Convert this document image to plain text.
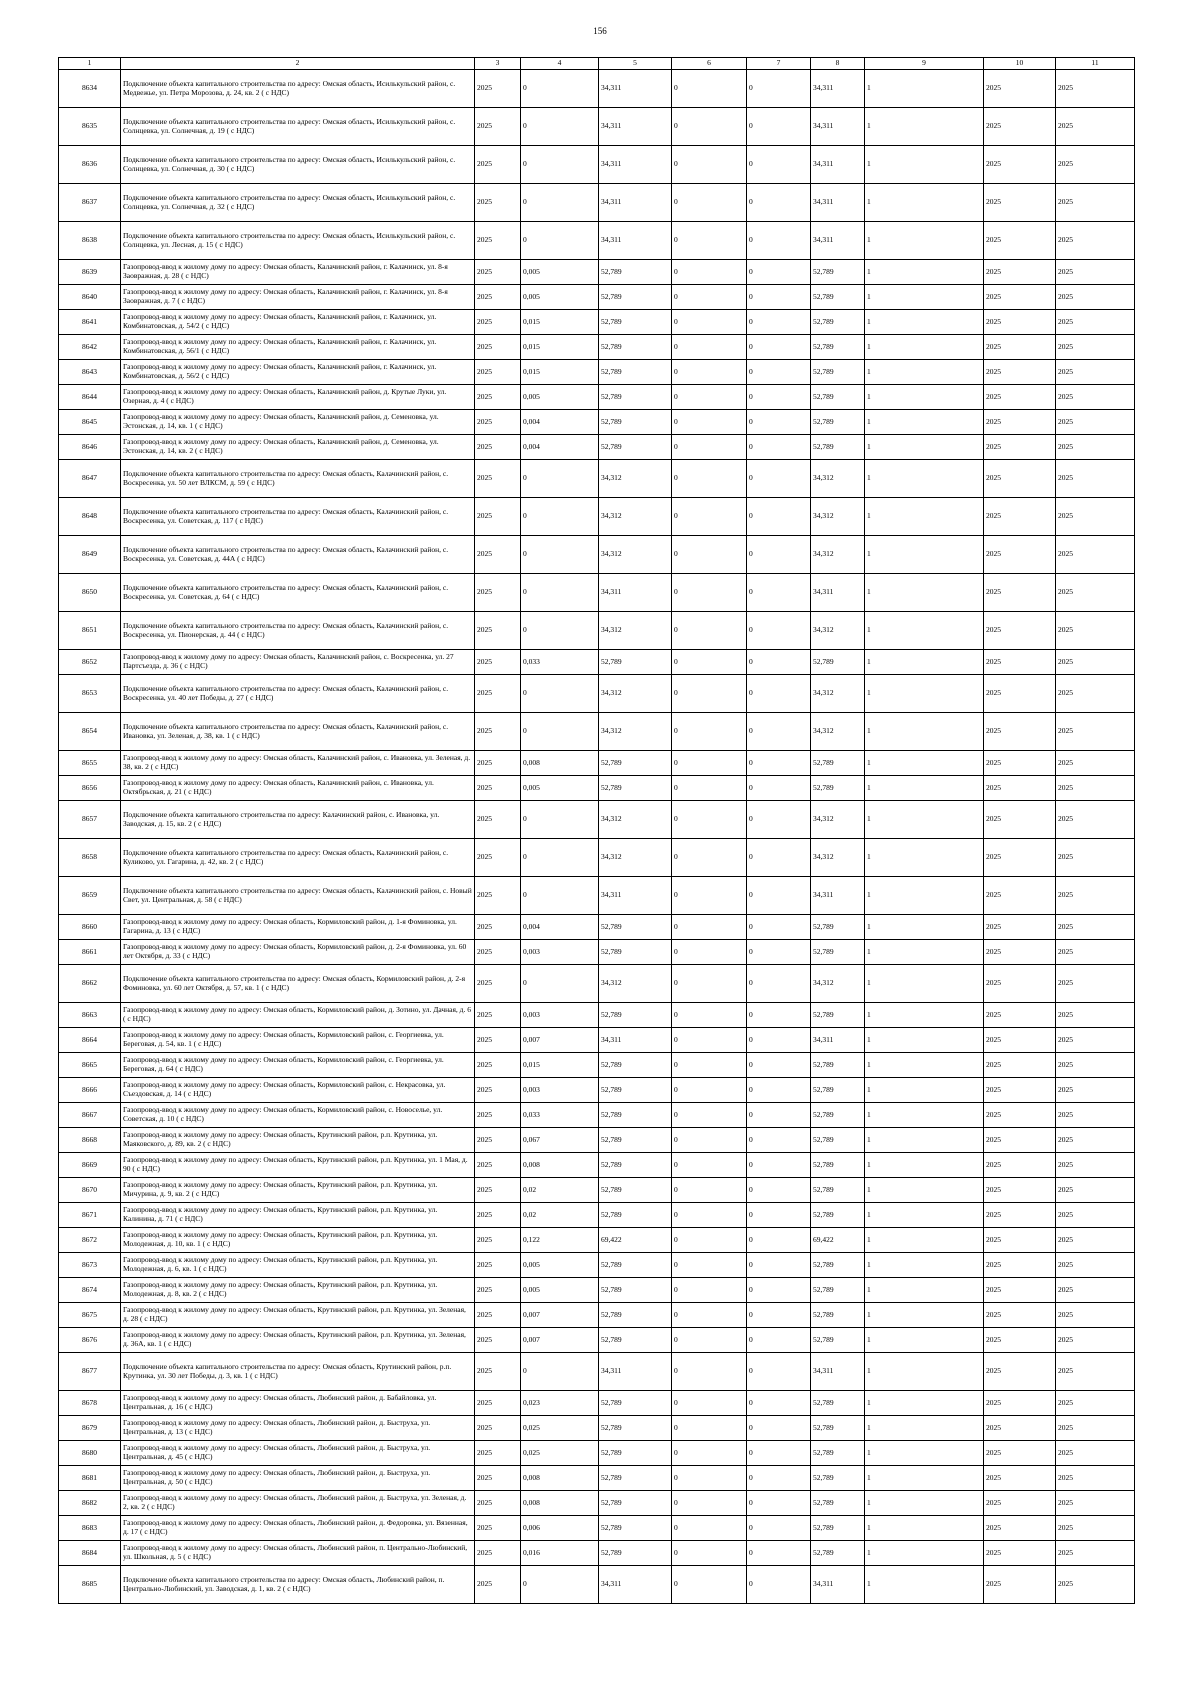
156
1	2	3	4	5	6	7	8	9	10	11
8634	Подключение объекта капитального строительства по адресу: Омская область, Исилькульский район, с. Медвежье, ул. Петра Морозова, д. 24, кв. 2 ( с НДС)	2025	0	34,311	0	0	34,311	1	2025	2025
8635	Подключение объекта капитального строительства по адресу: Омская область, Исилькульский район, с. Солнцевка, ул. Солнечная, д. 19 ( с НДС)	2025	0	34,311	0	0	34,311	1	2025	2025
8636	Подключение объекта капитального строительства по адресу: Омская область, Исилькульский район, с. Солнцевка, ул. Солнечная, д. 30 ( с НДС)	2025	0	34,311	0	0	34,311	1	2025	2025
8637	Подключение объекта капитального строительства по адресу: Омская область, Исилькульский район, с. Солнцевка, ул. Солнечная, д. 32 ( с НДС)	2025	0	34,311	0	0	34,311	1	2025	2025
8638	Подключение объекта капитального строительства по адресу: Омская область, Исилькульский район, с. Солнцевка, ул. Лесная, д. 15 ( с НДС)	2025	0	34,311	0	0	34,311	1	2025	2025
8639	Газопровод-ввод к жилому дому по адресу: Омская область, Калачинский район, г. Калачинск, ул. 8-я Заовражная, д. 28 ( с НДС)	2025	0,005	52,789	0	0	52,789	1	2025	2025
8640	Газопровод-ввод к жилому дому по адресу: Омская область, Калачинский район, г. Калачинск, ул. 8-я Заовражная, д. 7 ( с НДС)	2025	0,005	52,789	0	0	52,789	1	2025	2025
8641	Газопровод-ввод к жилому дому по адресу: Омская область, Калачинский район, г. Калачинск, ул. Комбинатовская, д. 54/2 ( с НДС)	2025	0,015	52,789	0	0	52,789	1	2025	2025
8642	Газопровод-ввод к жилому дому по адресу: Омская область, Калачинский район, г. Калачинск, ул. Комбинатовская, д. 56/1 ( с НДС)	2025	0,015	52,789	0	0	52,789	1	2025	2025
8643	Газопровод-ввод к жилому дому по адресу: Омская область, Калачинский район, г. Калачинск, ул. Комбинатовская, д. 56/2 ( с НДС)	2025	0,015	52,789	0	0	52,789	1	2025	2025
8644	Газопровод-ввод к жилому дому по адресу: Омская область, Калачинский район, д. Крутые Луки, ул. Озерная, д. 4 ( с НДС)	2025	0,005	52,789	0	0	52,789	1	2025	2025
8645	Газопровод-ввод к жилому дому по адресу: Омская область, Калачинский район, д. Семеновка, ул. Эстонская, д. 14, кв. 1 ( с НДС)	2025	0,004	52,789	0	0	52,789	1	2025	2025
8646	Газопровод-ввод к жилому дому по адресу: Омская область, Калачинский район, д. Семеновка, ул. Эстонская, д. 14, кв. 2 ( с НДС)	2025	0,004	52,789	0	0	52,789	1	2025	2025
8647	Подключение объекта капитального строительства по адресу: Омская область, Калачинский район, с. Воскресенка, ул. 50 лет ВЛКСМ, д. 59 ( с НДС)	2025	0	34,312	0	0	34,312	1	2025	2025
8648	Подключение объекта капитального строительства по адресу: Омская область, Калачинский район, с. Воскресенка, ул. Советская, д. 117 ( с НДС)	2025	0	34,312	0	0	34,312	1	2025	2025
8649	Подключение объекта капитального строительства по адресу: Омская область, Калачинский район, с. Воскресенка, ул. Советская, д. 44А ( с НДС)	2025	0	34,312	0	0	34,312	1	2025	2025
8650	Подключение объекта капитального строительства по адресу: Омская область, Калачинский район, с. Воскресенка, ул. Советская, д. 64 ( с НДС)	2025	0	34,311	0	0	34,311	1	2025	2025
8651	Подключение объекта капитального строительства по адресу: Омская область, Калачинский район, с. Воскресенка, ул. Пионерская, д. 44 ( с НДС)	2025	0	34,312	0	0	34,312	1	2025	2025
8652	Газопровод-ввод к жилому дому по адресу: Омская область, Калачинский район, с. Воскресенка, ул. 27 Партсъезда, д. 36 ( с НДС)	2025	0,033	52,789	0	0	52,789	1	2025	2025
8653	Подключение объекта капитального строительства по адресу: Омская область, Калачинский район, с. Воскресенка, ул. 40 лет Победы, д. 27 ( с НДС)	2025	0	34,312	0	0	34,312	1	2025	2025
8654	Подключение объекта капитального строительства по адресу: Омская область, Калачинский район, с. Ивановка, ул. Зеленая, д. 38, кв. 1 ( с НДС)	2025	0	34,312	0	0	34,312	1	2025	2025
8655	Газопровод-ввод к жилому дому по адресу: Омская область, Калачинский район, с. Ивановка, ул. Зеленая, д. 38, кв. 2 ( с НДС)	2025	0,008	52,789	0	0	52,789	1	2025	2025
8656	Газопровод-ввод к жилому дому по адресу: Омская область, Калачинский район, с. Ивановка, ул. Октябрьская, д. 21 ( с НДС)	2025	0,005	52,789	0	0	52,789	1	2025	2025
8657	Подключение объекта капитального строительства по адресу: Калачинский район, с. Ивановка, ул. Заводская, д. 15, кв. 2 ( с НДС)	2025	0	34,312	0	0	34,312	1	2025	2025
8658	Подключение объекта капитального строительства по адресу: Омская область, Калачинский район, с. Куликово, ул. Гагарина, д. 42, кв. 2 ( с НДС)	2025	0	34,312	0	0	34,312	1	2025	2025
8659	Подключение объекта капитального строительства по адресу: Омская область, Калачинский район, с. Новый Свет, ул. Центральная, д. 58 ( с НДС)	2025	0	34,311	0	0	34,311	1	2025	2025
8660	Газопровод-ввод к жилому дому по адресу: Омская область, Кормиловский район, д. 1-я Фоминовка, ул. Гагарина, д. 13 ( с НДС)	2025	0,004	52,789	0	0	52,789	1	2025	2025
8661	Газопровод-ввод к жилому дому по адресу: Омская область, Кормиловский район, д. 2-я Фоминовка, ул. 60 лет Октября, д. 33 ( с НДС)	2025	0,003	52,789	0	0	52,789	1	2025	2025
8662	Подключение объекта капитального строительства по адресу: Омская область, Кормиловский район, д. 2-я Фоминовка, ул. 60 лет Октября, д. 57, кв. 1 ( с НДС)	2025	0	34,312	0	0	34,312	1	2025	2025
8663	Газопровод-ввод к жилому дому по адресу: Омская область, Кормиловский район, д. Зотино, ул. Дачная, д. 6 ( с НДС)	2025	0,003	52,789	0	0	52,789	1	2025	2025
8664	Газопровод-ввод к жилому дому по адресу: Омская область, Кормиловский район, с. Георгиевка, ул. Береговая, д. 54, кв. 1 ( с НДС)	2025	0,007	34,311	0	0	34,311	1	2025	2025
8665	Газопровод-ввод к жилому дому по адресу: Омская область, Кормиловский район, с. Георгиевка, ул. Береговая, д. 64 ( с НДС)	2025	0,015	52,789	0	0	52,789	1	2025	2025
8666	Газопровод-ввод к жилому дому по адресу: Омская область, Кормиловский район, с. Некрасовка, ул. Съездовская, д. 14 ( с НДС)	2025	0,003	52,789	0	0	52,789	1	2025	2025
8667	Газопровод-ввод к жилому дому по адресу: Омская область, Кормиловский район, с. Новоселье, ул. Советская, д. 10 ( с НДС)	2025	0,033	52,789	0	0	52,789	1	2025	2025
8668	Газопровод-ввод к жилому дому по адресу: Омская область, Крутинский район, р.п. Крутинка, ул. Маяковского, д. 89, кв. 2 ( с НДС)	2025	0,067	52,789	0	0	52,789	1	2025	2025
8669	Газопровод-ввод к жилому дому по адресу: Омская область, Крутинский район, р.п. Крутинка, ул. 1 Мая, д. 90 ( с НДС)	2025	0,008	52,789	0	0	52,789	1	2025	2025
8670	Газопровод-ввод к жилому дому по адресу: Омская область, Крутинский район, р.п. Крутинка, ул. Мичурина, д. 9, кв. 2 ( с НДС)	2025	0,02	52,789	0	0	52,789	1	2025	2025
8671	Газопровод-ввод к жилому дому по адресу: Омская область, Крутинский район, р.п. Крутинка, ул. Калинина, д. 71 ( с НДС)	2025	0,02	52,789	0	0	52,789	1	2025	2025
8672	Газопровод-ввод к жилому дому по адресу: Омская область, Крутинский район, р.п. Крутинка, ул. Молодежная, д. 10, кв. 1 ( с НДС)	2025	0,122	69,422	0	0	69,422	1	2025	2025
8673	Газопровод-ввод к жилому дому по адресу: Омская область, Крутинский район, р.п. Крутинка, ул. Молодежная, д. 6, кв. 1 ( с НДС)	2025	0,005	52,789	0	0	52,789	1	2025	2025
8674	Газопровод-ввод к жилому дому по адресу: Омская область, Крутинский район, р.п. Крутинка, ул. Молодежная, д. 8, кв. 2 ( с НДС)	2025	0,005	52,789	0	0	52,789	1	2025	2025
8675	Газопровод-ввод к жилому дому по адресу: Омская область, Крутинский район, р.п. Крутинка, ул. Зеленая, д. 28 ( с НДС)	2025	0,007	52,789	0	0	52,789	1	2025	2025
8676	Газопровод-ввод к жилому дому по адресу: Омская область, Крутинский район, р.п. Крутинка, ул. Зеленая, д. 36А, кв. 1 ( с НДС)	2025	0,007	52,789	0	0	52,789	1	2025	2025
8677	Подключение объекта капитального строительства по адресу: Омская область, Крутинский район, р.п. Крутинка, ул. 30 лет Победы, д. 3, кв. 1 ( с НДС)	2025	0	34,311	0	0	34,311	1	2025	2025
8678	Газопровод-ввод к жилому дому по адресу: Омская область, Любинский район, д. Бабайловка, ул. Центральная, д. 16 ( с НДС)	2025	0,023	52,789	0	0	52,789	1	2025	2025
8679	Газопровод-ввод к жилому дому по адресу: Омская область, Любинский район, д. Быструха, ул. Центральная, д. 13 ( с НДС)	2025	0,025	52,789	0	0	52,789	1	2025	2025
8680	Газопровод-ввод к жилому дому по адресу: Омская область, Любинский район, д. Быструха, ул. Центральная, д. 45 ( с НДС)	2025	0,025	52,789	0	0	52,789	1	2025	2025
8681	Газопровод-ввод к жилому дому по адресу: Омская область, Любинский район, д. Быструха, ул. Центральная, д. 50 ( с НДС)	2025	0,008	52,789	0	0	52,789	1	2025	2025
8682	Газопровод-ввод к жилому дому по адресу: Омская область, Любинский район, д. Быструха, ул. Зеленая, д. 2, кв. 2 ( с НДС)	2025	0,008	52,789	0	0	52,789	1	2025	2025
8683	Газопровод-ввод к жилому дому по адресу: Омская область, Любинский район, д. Федоровка, ул. Вязенная, д. 17 ( с НДС)	2025	0,006	52,789	0	0	52,789	1	2025	2025
8684	Газопровод-ввод к жилому дому по адресу: Омская область, Любинский район, п. Центрально-Любинский, ул. Школьная, д. 5 ( с НДС)	2025	0,016	52,789	0	0	52,789	1	2025	2025
8685	Подключение объекта капитального строительства по адресу: Омская область, Любинский район, п. Центрально-Любинский, ул. Заводская, д. 1, кв. 2 ( с НДС)	2025	0	34,311	0	0	34,311	1	2025	2025
